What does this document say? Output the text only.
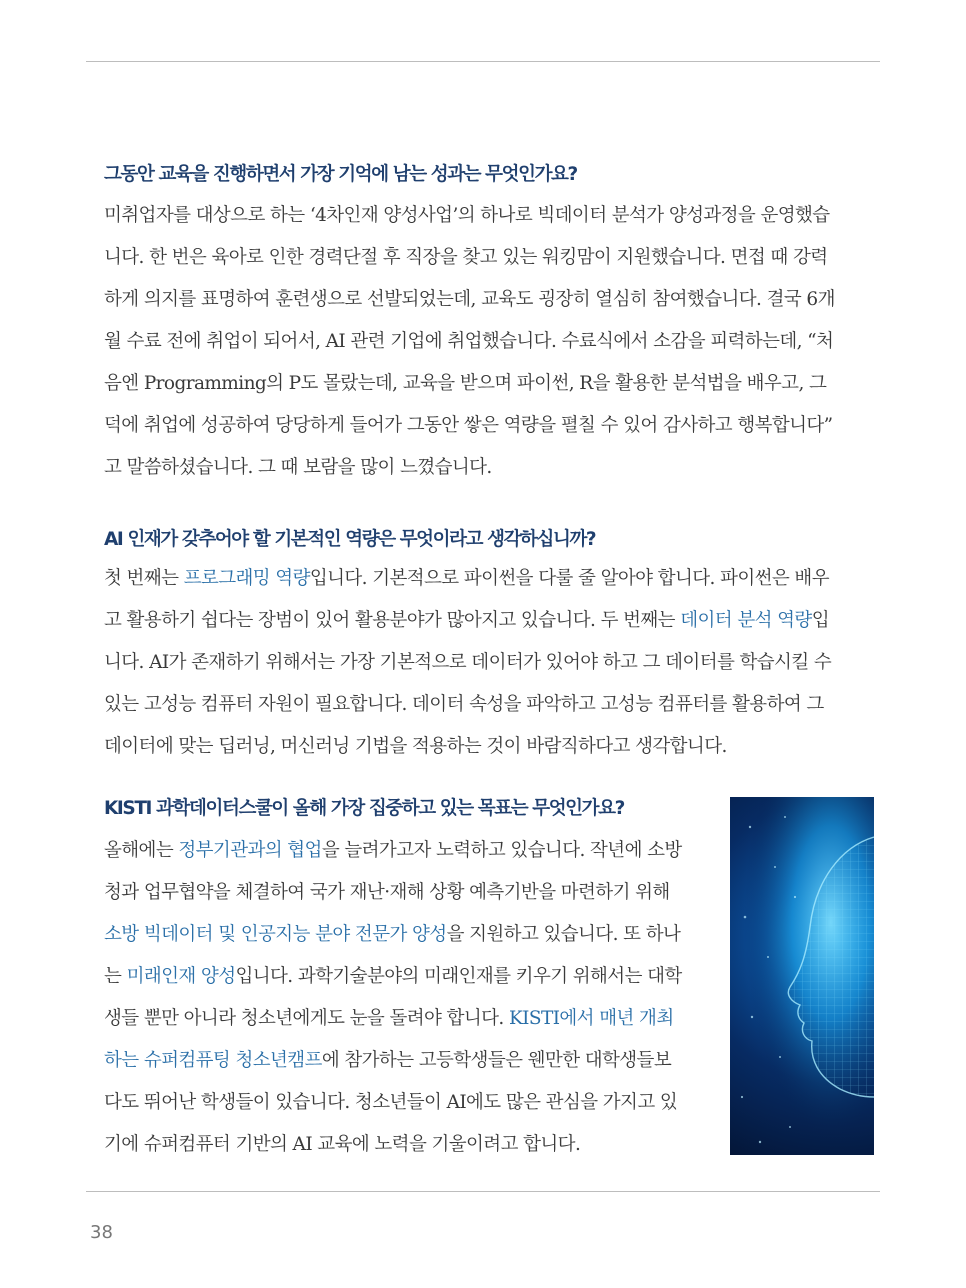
그동안 교육을 진행하면서 가장 기억에 남는 성과는 무엇인가요?
미취업자를 대상으로 하는 ‘4차인재 양성사업’의 하나로 빅데이터 분석가 양성과정을 운영했습
니다. 한 번은 육아로 인한 경력단절 후 직장을 찾고 있는 워킹맘이 지원했습니다. 면접 때 강력
하게 의지를 표명하여 훈련생으로 선발되었는데, 교육도 굉장히 열심히 참여했습니다. 결국 6개
월 수료 전에 취업이 되어서, AI 관련 기업에 취업했습니다. 수료식에서 소감을 피력하는데, “처
음엔 Programming의 P도 몰랐는데, 교육을 받으며 파이썬, R을 활용한 분석법을 배우고, 그
덕에 취업에 성공하여 당당하게 들어가 그동안 쌓은 역량을 펼칠 수 있어 감사하고 행복합니다”
고 말씀하셨습니다. 그 때 보람을 많이 느꼈습니다.
AI 인재가 갖추어야 할 기본적인 역량은 무엇이라고 생각하십니까?
첫 번째는 프로그래밍 역량입니다. 기본적으로 파이썬을 다룰 줄 알아야 합니다. 파이썬은 배우
고 활용하기 쉽다는 장범이 있어 활용분야가 많아지고 있습니다. 두 번째는 데이터 분석 역량입
니다. AI가 존재하기 위해서는 가장 기본적으로 데이터가 있어야 하고 그 데이터를 학습시킬 수
있는 고성능 컴퓨터 자원이 필요합니다. 데이터 속성을 파악하고 고성능 컴퓨터를 활용하여 그
데이터에 맞는 딥러닝, 머신러닝 기법을 적용하는 것이 바람직하다고 생각합니다.
KISTI 과학데이터스쿨이 올해 가장 집중하고 있는 목표는 무엇인가요?
올해에는 정부기관과의 협업을 늘려가고자 노력하고 있습니다. 작년에 소방
청과 업무협약을 체결하여 국가 재난·재해 상황 예측기반을 마련하기 위해
소방 빅데이터 및 인공지능 분야 전문가 양성을 지원하고 있습니다. 또 하나
는 미래인재 양성입니다. 과학기술분야의 미래인재를 키우기 위해서는 대학
생들 뿐만 아니라 청소년에게도 눈을 돌려야 합니다. KISTI에서 매년 개최
하는 슈퍼컴퓨팅 청소년캠프에 참가하는 고등학생들은 웬만한 대학생들보
다도 뛰어난 학생들이 있습니다. 청소년들이 AI에도 많은 관심을 가지고 있
기에 슈퍼컴퓨터 기반의 AI 교육에 노력을 기울이려고 합니다.
38
